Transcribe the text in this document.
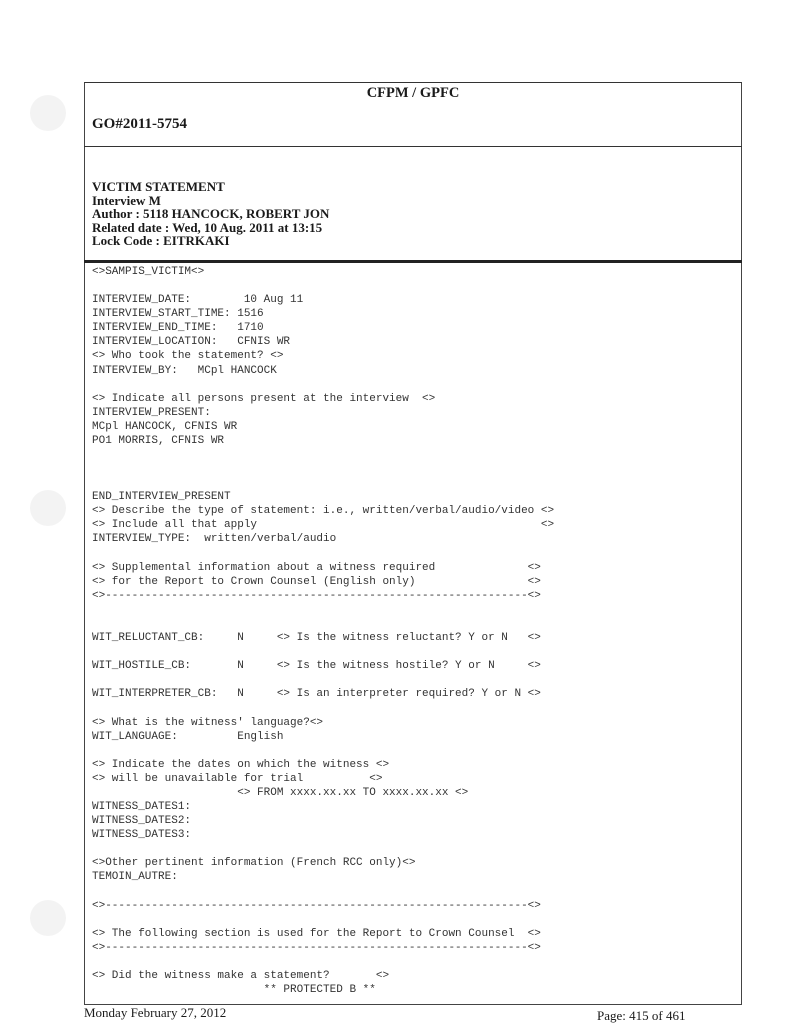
CFPM / GPFC
GO#2011-5754
VICTIM STATEMENT
Interview M
Author : 5118 HANCOCK, ROBERT JON
Related date : Wed, 10 Aug. 2011 at 13:15
Lock Code : EITRKAKI
<>SAMPIS_VICTIM<>
INTERVIEW_DATE:        10 Aug 11
INTERVIEW_START_TIME: 1516
INTERVIEW_END_TIME:   1710
INTERVIEW_LOCATION:   CFNIS WR
<> Who took the statement? <>
INTERVIEW_BY:   MCpl HANCOCK
<> Indicate all persons present at the interview  <>
INTERVIEW_PRESENT:
MCpl HANCOCK, CFNIS WR
PO1 MORRIS, CFNIS WR
END_INTERVIEW_PRESENT
<> Describe the type of statement: i.e., written/verbal/audio/video <>
<> Include all that apply                                           <>
INTERVIEW_TYPE:  written/verbal/audio
<> Supplemental information about a witness required              <>
<> for the Report to Crown Counsel (English only)                 <>
<>----------------------------------------------------------------<>
WIT_RELUCTANT_CB:     N     <> Is the witness reluctant? Y or N   <>
WIT_HOSTILE_CB:       N     <> Is the witness hostile? Y or N     <>
WIT_INTERPRETER_CB:   N     <> Is an interpreter required? Y or N <>
<> What is the witness' language?<>
WIT_LANGUAGE:         English
<> Indicate the dates on which the witness <>
<> will be unavailable for trial          <>
<> FROM xxxx.xx.xx TO xxxx.xx.xx <>
WITNESS_DATES1:
WITNESS_DATES2:
WITNESS_DATES3:
<>Other pertinent information (French RCC only)<>
TEMOIN_AUTRE:
<>----------------------------------------------------------------<>
<> The following section is used for the Report to Crown Counsel  <>
<>----------------------------------------------------------------<>
<> Did the witness make a statement?       <>
** PROTECTED B **
Monday February 27, 2012	Page: 415 of 461
